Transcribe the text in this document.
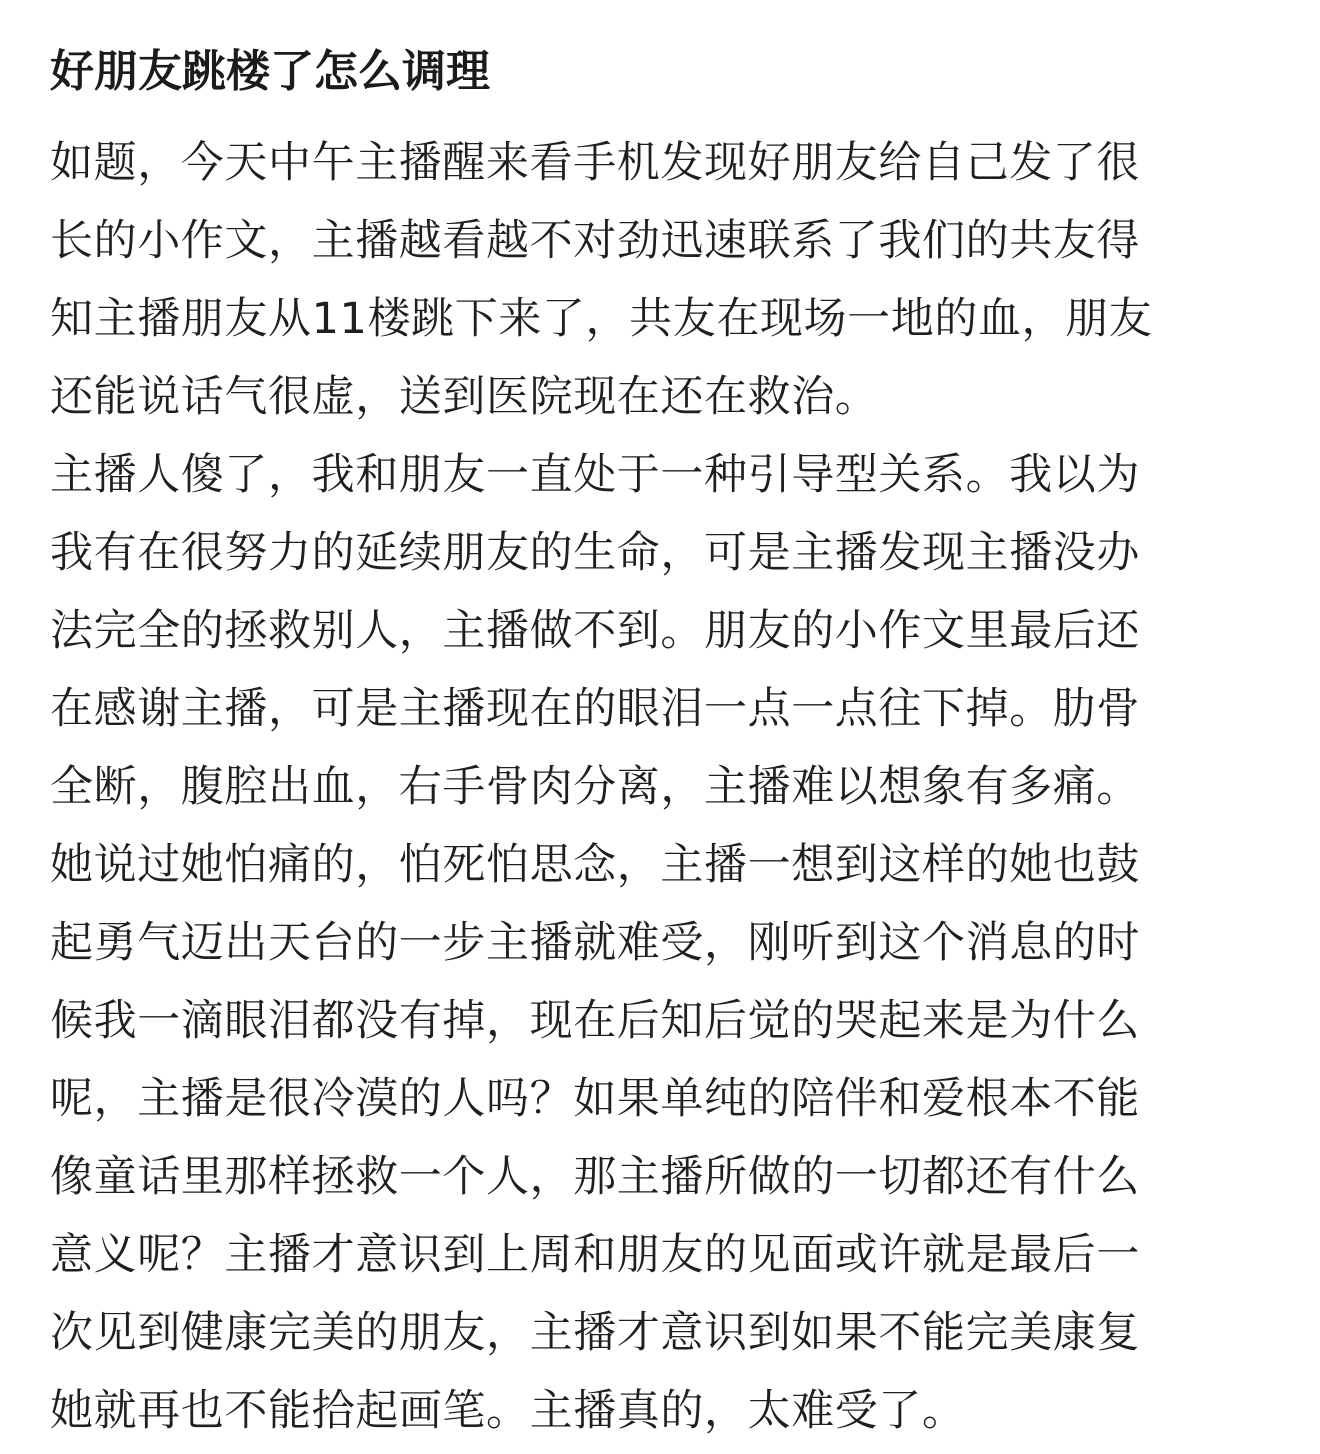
好朋友跳楼了怎么调理
如题，今天中午主播醒来看手机发现好朋友给自己发了很
长的小作文，主播越看越不对劲迅速联系了我们的共友得
知主播朋友从11楼跳下来了，共友在现场一地的血，朋友
还能说话气很虚，送到医院现在还在救治。
主播人傻了，我和朋友一直处于一种引导型关系。我以为
我有在很努力的延续朋友的生命，可是主播发现主播没办
法完全的拯救别人，主播做不到。朋友的小作文里最后还
在感谢主播，可是主播现在的眼泪一点一点往下掉。肋骨
全断，腹腔出血，右手骨肉分离，主播难以想象有多痛。
她说过她怕痛的，怕死怕思念，主播一想到这样的她也鼓
起勇气迈出天台的一步主播就难受，刚听到这个消息的时
候我一滴眼泪都没有掉，现在后知后觉的哭起来是为什么
呢，主播是很冷漠的人吗？如果单纯的陪伴和爱根本不能
像童话里那样拯救一个人，那主播所做的一切都还有什么
意义呢？主播才意识到上周和朋友的见面或许就是最后一
次见到健康完美的朋友，主播才意识到如果不能完美康复
她就再也不能拾起画笔。主播真的，太难受了。
